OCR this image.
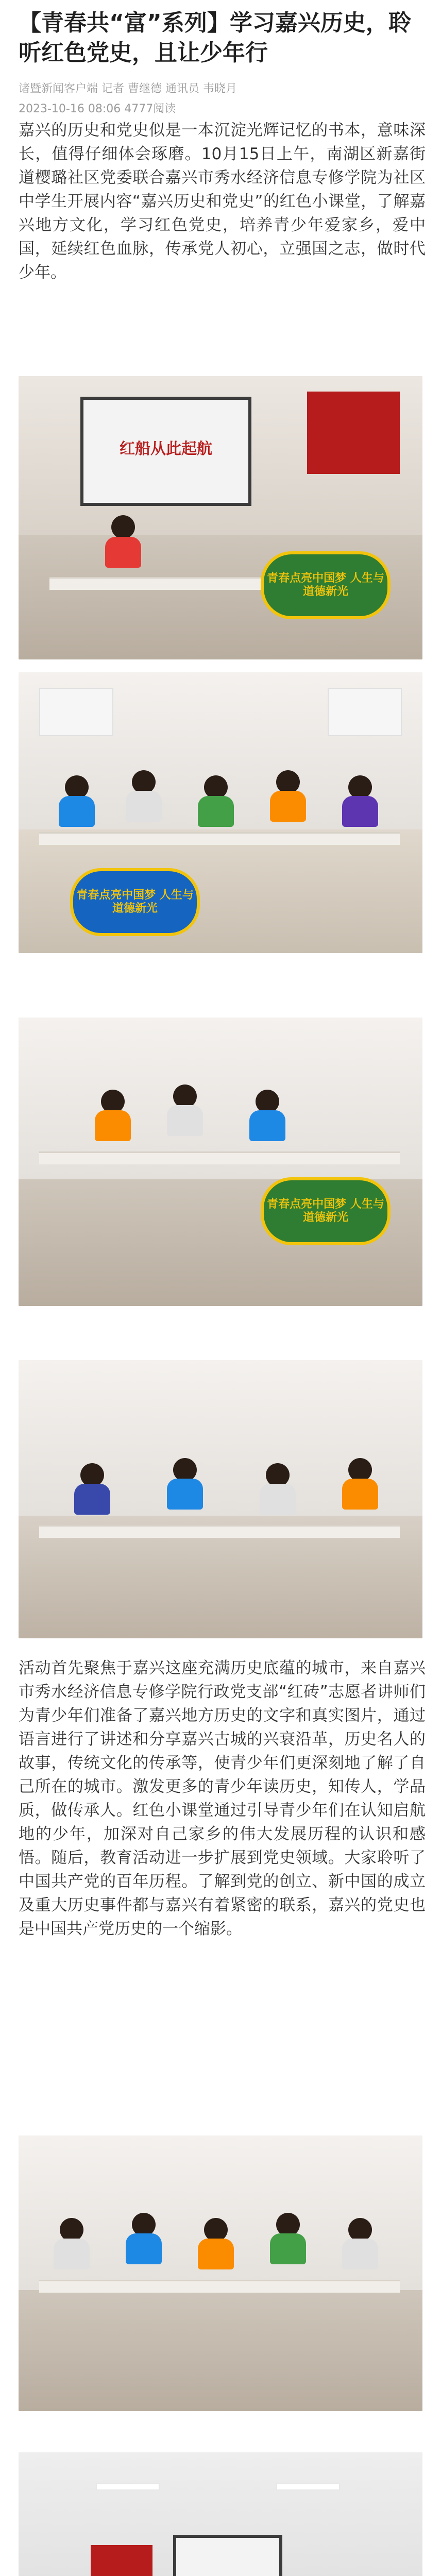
【青春共“富”系列】学习嘉兴历史，聆听红色党史，且让少年行
诸暨新闻客户端 记者 曹继德 通讯员 韦晓月
2023-10-16 08:06 4777阅读
嘉兴的历史和党史似是一本沉淀光辉记忆的书本，意味深长，值得仔细体会琢磨。10月15日上午，南湖区新嘉街道樱璐社区党委联合嘉兴市秀水经济信息专修学院为社区中学生开展内容“嘉兴历史和党史”的红色小课堂，了解嘉兴地方文化，学习红色党史，培养青少年爱家乡，爱中国，延续红色血脉，传承党人初心，立强国之志，做时代少年。
红船从此起航
青春点亮中国梦 人生与道德新光
青春点亮中国梦 人生与道德新光
青春点亮中国梦 人生与道德新光
活动首先聚焦于嘉兴这座充满历史底蕴的城市，来自嘉兴市秀水经济信息专修学院行政党支部“红砖”志愿者讲师们为青少年们准备了嘉兴地方历史的文字和真实图片，通过语言进行了讲述和分享嘉兴古城的兴衰沿革，历史名人的故事，传统文化的传承等，使青少年们更深刻地了解了自己所在的城市。激发更多的青少年读历史，知传人，学品质，做传承人。红色小课堂通过引导青少年们在认知启航地的少年，加深对自己家乡的伟大发展历程的认识和感悟。随后，教育活动进一步扩展到党史领域。大家聆听了中国共产党的百年历程。了解到党的创立、新中国的成立及重大历史事件都与嘉兴有着紧密的联系，嘉兴的党史也是中国共产党历史的一个缩影。
